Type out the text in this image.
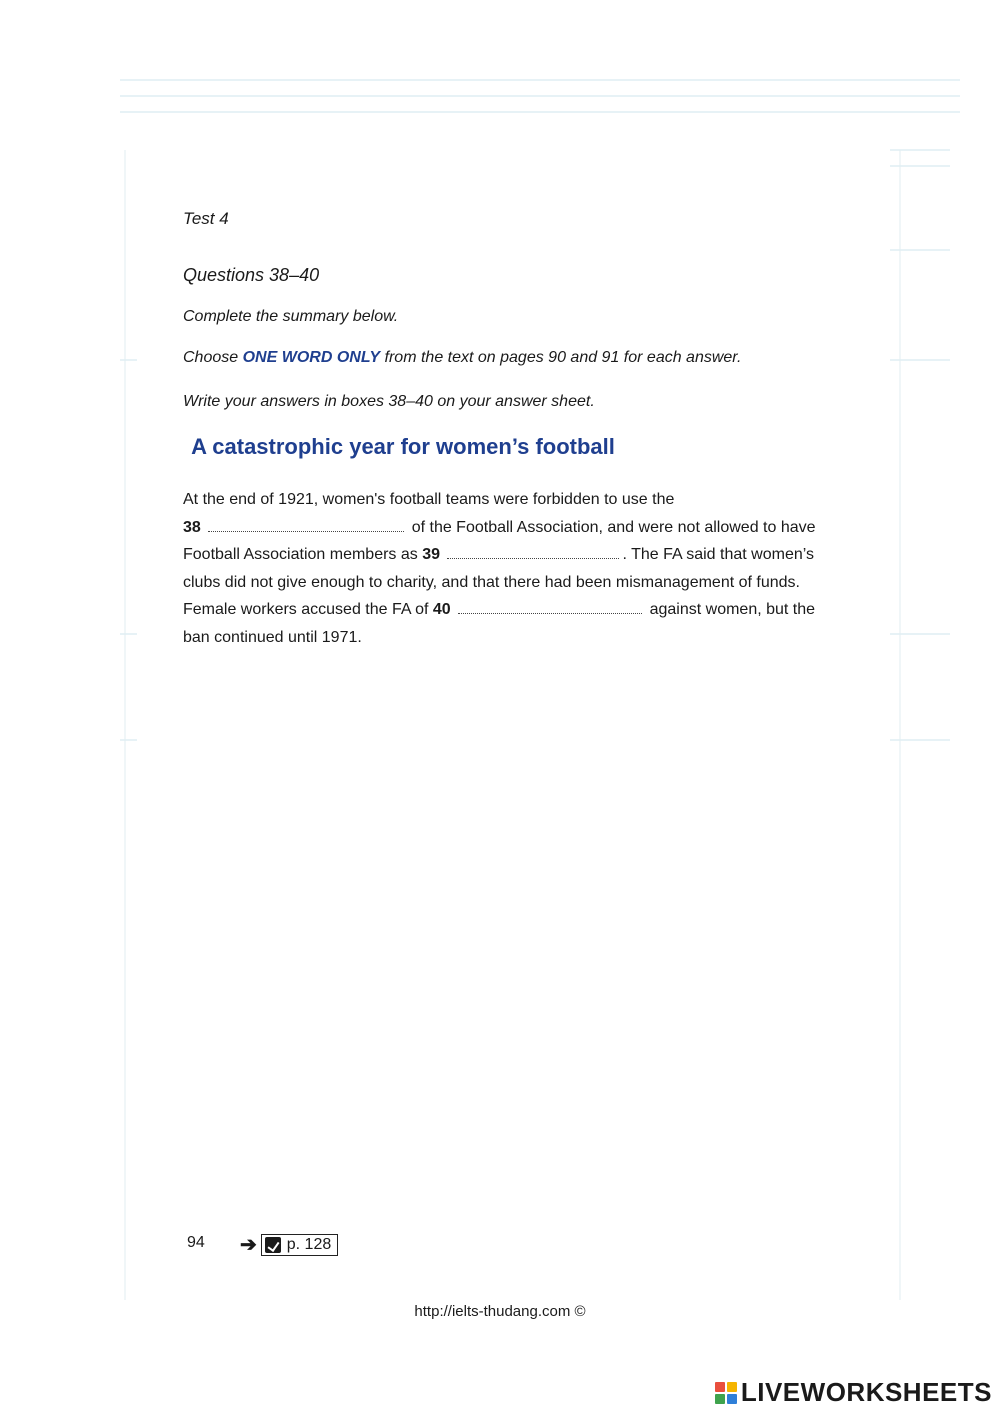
Test 4
Questions 38–40
Complete the summary below.
Choose ONE WORD ONLY from the text on pages 90 and 91 for each answer.
Write your answers in boxes 38–40 on your answer sheet.
A catastrophic year for women’s football
At the end of 1921, women's football teams were forbidden to use the
38	of the Football Association, and were not allowed to have
Football Association members as 39	. The FA said that women’s
clubs did not give enough to charity, and that there had been mismanagement of funds.
Female workers accused the FA of 40	against women, but the
ban continued until 1971.
94 ➔ p. 128
http://ielts-thudang.com ©
LIVEWORKSHEETS
